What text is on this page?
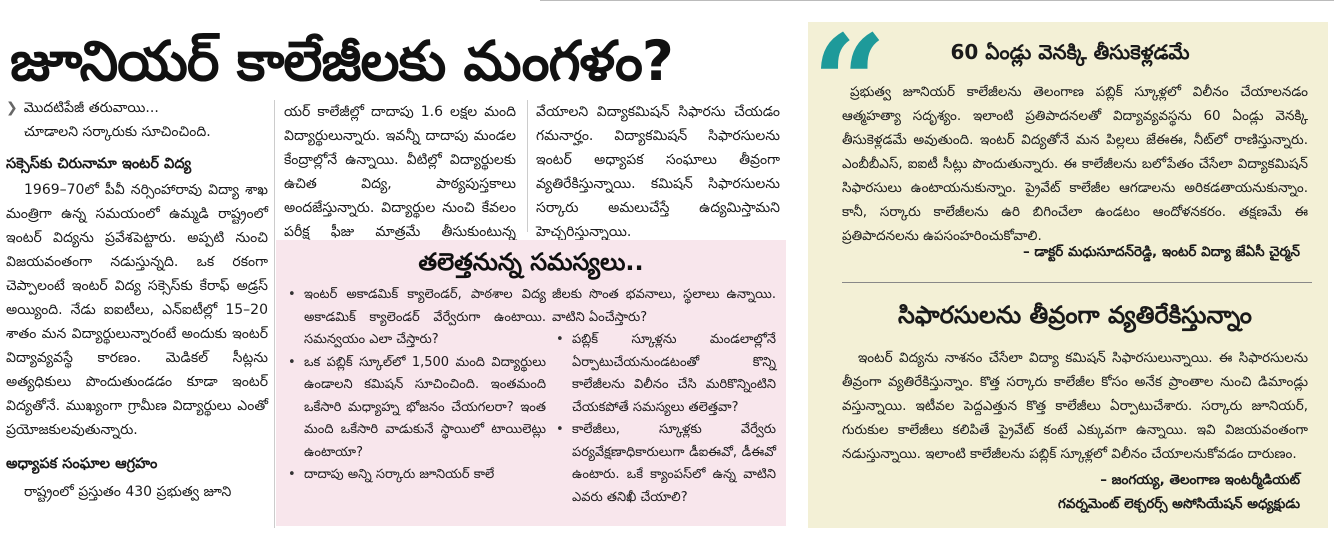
జూనియర్ కాలేజీలకు మంగళం?
❯ మొదటిపేజీ తరువాయి...

చూడాలని సర్కారుకు సూచించింది.

సక్సెస్‌కు చిరునామా ఇంటర్ విద్య

1969–70లో పీవీ నర్సింహారావు విద్యా శాఖ మంత్రిగా ఉన్న సమయంలో ఉమ్మడి రాష్ట్రంలో ఇంటర్ విద్యను ప్రవేశపెట్టారు. అప్పటి నుంచి విజయవంతంగా నడుస్తున్నది. ఒక రకంగా చెప్పాలంటే ఇంటర్ విద్య సక్సెస్‌కు కేరాఫ్ అడ్రస్ అయ్యింది. నేడు ఐఐటీలు, ఎన్ఐటీల్లో 15–20 శాతం మన విద్యార్థులున్నారంటే అందుకు ఇంటర్ విద్యావ్యవస్థే కారణం. మెడికల్ సీట్లను అత్యధికులు పొందుతుండడం కూడా ఇంటర్ విద్యతోనే. ముఖ్యంగా గ్రామీణ విద్యార్థులు ఎంతో ప్రయోజకులవుతున్నారు.

అధ్యాపక సంఘాల ఆగ్రహం

రాష్ట్రంలో ప్రస్తుతం 430 ప్రభుత్వ జూని

యర్ కాలేజీల్లో దాదాపు 1.6 లక్షల మంది విద్యార్థులున్నారు. ఇవన్నీ దాదాపు మండల కేంద్రాల్లోనే ఉన్నాయి. వీటిల్లో విద్యార్థులకు ఉచిత విద్య, పాఠ్యపుస్తకాలు అందజేస్తున్నారు. విద్యార్థుల నుంచి కేవలం పరీక్ష ఫీజు మాత్రమే తీసుకుంటున్న

వేయాలని విద్యాకమిషన్ సిఫారసు చేయడం గమనార్హం. విద్యాకమిషన్ సిఫారసులను ఇంటర్ అధ్యాపక సంఘాలు తీవ్రంగా వ్యతిరేకిస్తున్నాయి. కమిషన్ సిఫారసులను సర్కారు అమలుచేస్తే ఉద్యమిస్తామని హెచ్చరిస్తున్నాయి.

తలెత్తనున్న సమస్యలు..
• ఇంటర్ అకాడమిక్ క్యాలెండర్, పాఠశాల విద్య అకాడమిక్ క్యాలెండర్ వేర్వేరుగా ఉంటాయి. సమన్వయం ఎలా చేస్తారు?
• ఒక పబ్లిక్ స్కూల్‌లో 1,500 మంది విద్యార్థులు ఉండాలని కమిషన్ సూచించింది. ఇంతమంది ఒకేసారి మధ్యాహ్న భోజనం చేయగలరా? ఇంత మంది ఒకేసారి వాడుకునే స్థాయిలో టాయిలెట్లు ఉంటాయా?
• దాదాపు అన్ని సర్కారు జూనియర్ కాలే
జీలకు సొంత భవనాలు, స్థలాలు ఉన్నాయి. వాటిని ఏంచేస్తారు?
• పబ్లిక్ స్కూళ్లను మండలాల్లోనే ఏర్పాటుచేయనుండటంతో కొన్ని కాలేజీలను విలీనం చేసి మరికొన్నింటిని చేయకపోతే సమస్యలు తలెత్తవా?
• కాలేజీలు, స్కూళ్లకు వేర్వేరు పర్యవేక్షణాధికారులుగా డీఐఈవో, డీఈవో ఉంటారు. ఒకే క్యాంపస్‌లో ఉన్న వాటిని ఎవరు తనిఖీ చేయాలి?
“	60 ఏండ్లు వెనక్కి తీసుకెళ్లడమే
ప్రభుత్వ జూనియర్ కాలేజీలను తెలంగాణ పబ్లిక్ స్కూళ్లలో విలీనం చేయాలనడం ఆత్మహత్యా సదృశ్యం. ఇలాంటి ప్రతిపాదనలతో విద్యావ్యవస్థను 60 ఏండ్లు వెనక్కి తీసుకెళ్లడమే అవుతుంది. ఇంటర్ విద్యతోనే మన పిల్లలు జేఈఈ, నీట్‌లో రాణిస్తున్నారు. ఎంబీబీఎస్, ఐఐటీ సీట్లు పొందుతున్నారు. ఈ కాలేజీలను బలోపేతం చేసేలా విద్యాకమిషన్ సిఫారసులు ఉంటాయనుకున్నాం. ప్రైవేట్ కాలేజీల ఆగడాలను అరికడతాయనుకున్నాం. కానీ, సర్కారు కాలేజీలను ఉరి బిగించేలా ఉండటం ఆందోళనకరం. తక్షణమే ఈ ప్రతిపాదనలను ఉపసంహరించుకోవాలి.
– డాక్టర్ మధుసూదన్‌రెడ్డి, ఇంటర్ విద్యా జేఏసీ చైర్మన్
సిఫారసులను తీవ్రంగా వ్యతిరేకిస్తున్నాం
ఇంటర్ విద్యను నాశనం చేసేలా విద్యా కమిషన్ సిఫారసులున్నాయి. ఈ సిఫారసులను తీవ్రంగా వ్యతిరేకిస్తున్నాం. కొత్త సర్కారు కాలేజీల కోసం అనేక ప్రాంతాల నుంచి డిమాండ్లు వస్తున్నాయి. ఇటీవల పెద్దఎత్తున కొత్త కాలేజీలు ఏర్పాటుచేశారు. సర్కారు జూనియర్, గురుకుల కాలేజీలు కలిపితే ప్రైవేట్ కంటే ఎక్కువగా ఉన్నాయి. ఇవి విజయవంతంగా నడుస్తున్నాయి. ఇలాంటి కాలేజీలను పబ్లిక్ స్కూళ్లలో విలీనం చేయాలనుకోవడం దారుణం.
– జంగయ్య, తెలంగాణ ఇంటర్మీడియట్
గవర్నమెంట్ లెక్చరర్స్ అసోసియేషన్ అధ్యక్షుడు
